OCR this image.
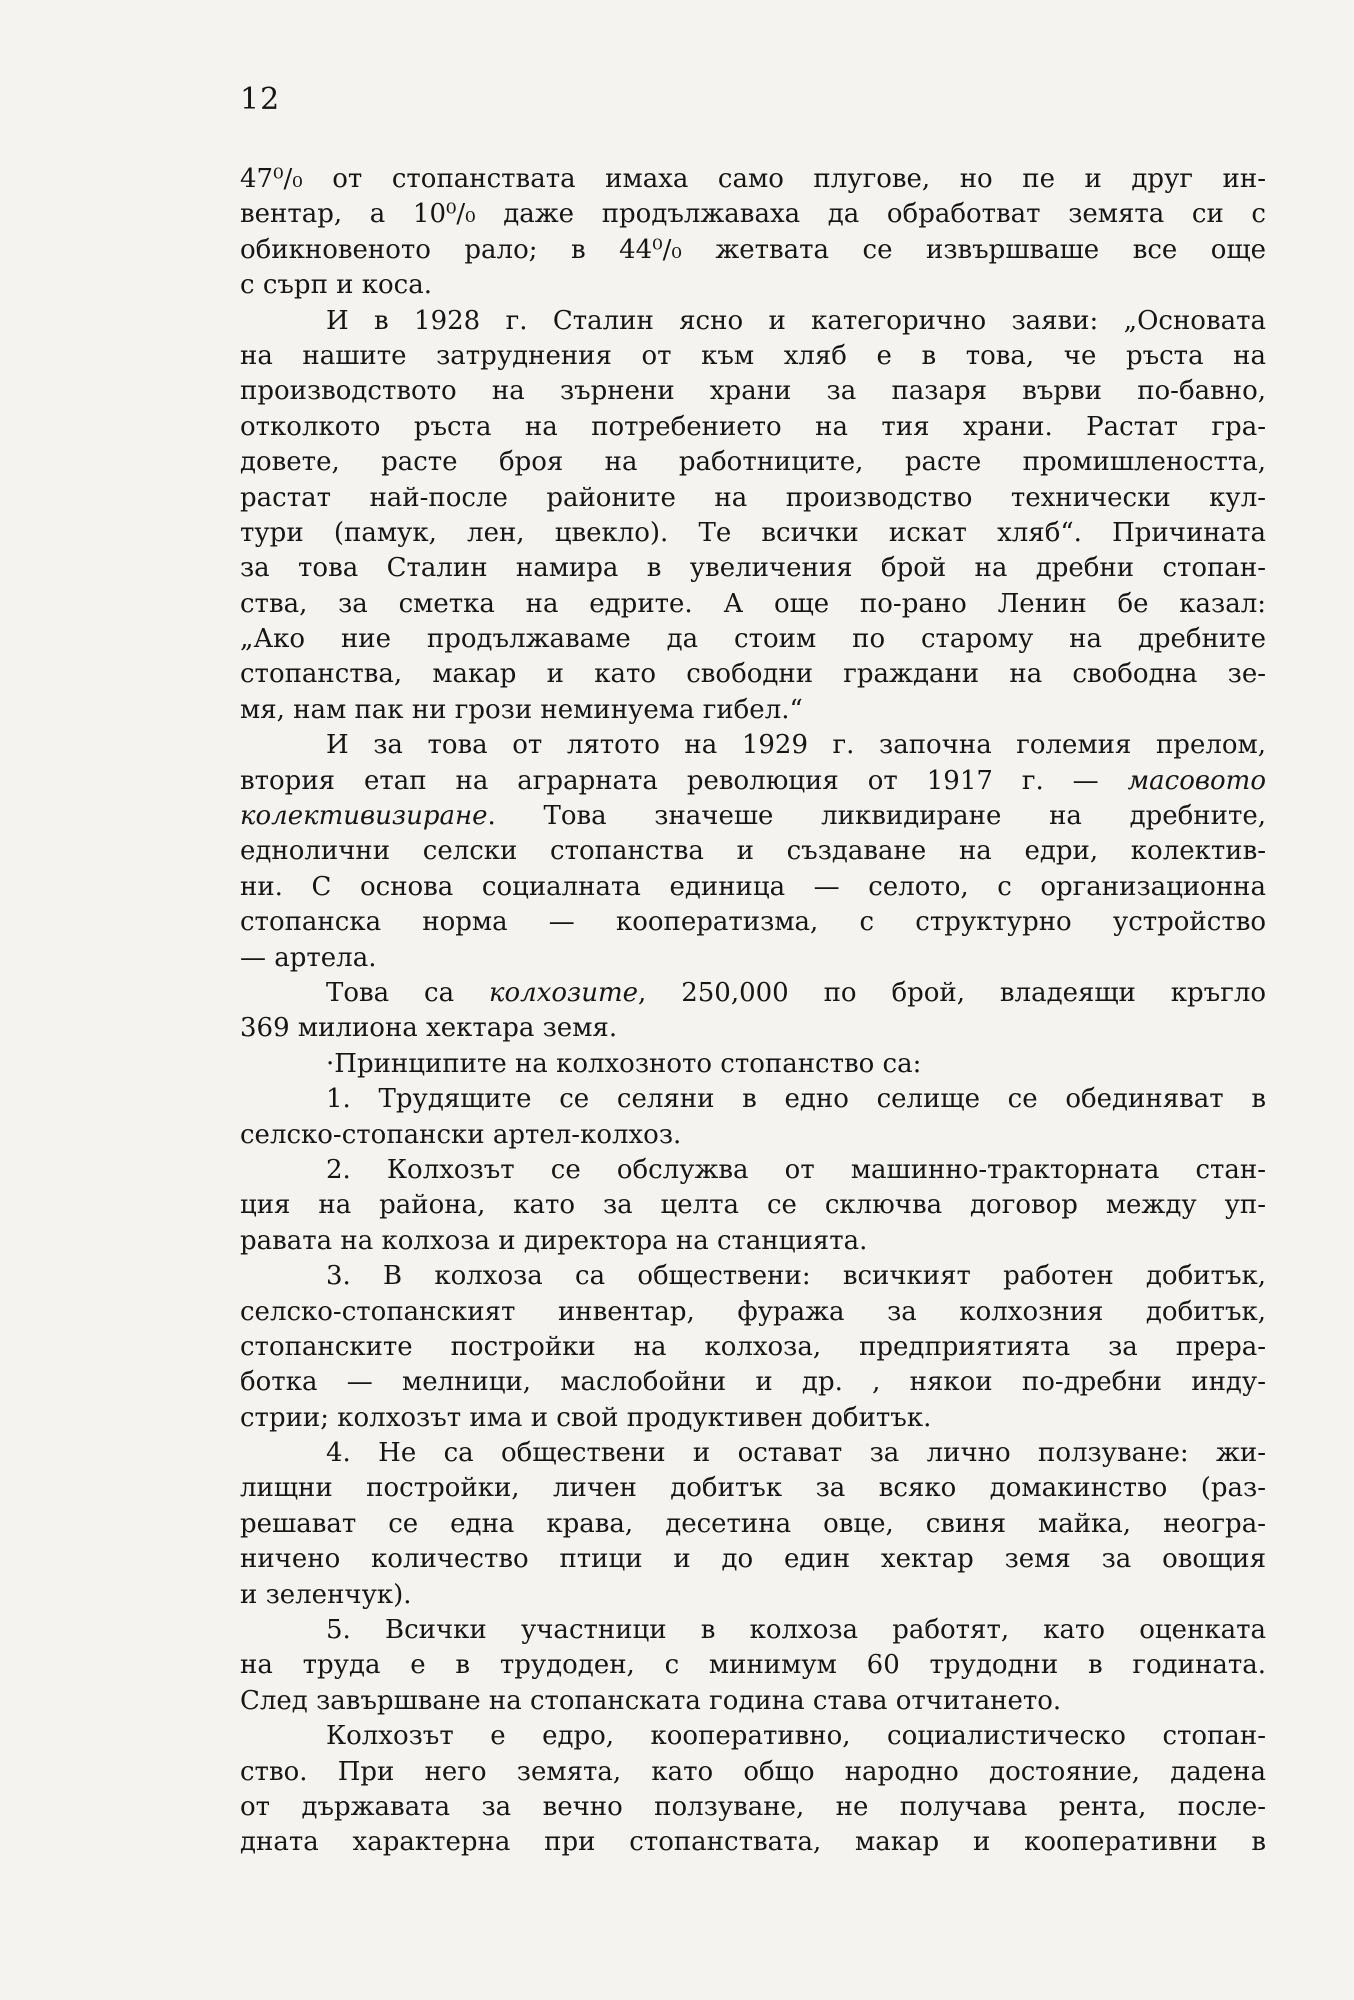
12
47⁰/₀ от стопанствата имаха само плугове, но пе и друг ин-
вентар, а 10⁰/₀ даже продължаваха да обработват земята си с
обикновеното рало; в 44⁰/₀ жетвата се извършваше все още
с сърп и коса.
И в 1928 г. Сталин ясно и категорично заяви: „Основата
на нашите затруднения от към хляб е в това, че ръста на
производството на зърнени храни за пазаря върви по-бавно,
отколкото ръста на потребението на тия храни. Растат гра-
довете, расте броя на работниците, расте промишлеността,
растат най-после районите на производство технически кул-
тури (памук, лен, цвекло). Те всички искат хляб“. Причината
за това Сталин намира в увеличения брой на дребни стопан-
ства, за сметка на едрите. А още по-рано Ленин бе казал:
„Ако ние продължаваме да стоим по старому на дребните
стопанства, макар и като свободни граждани на свободна зе-
мя, нам пак ни грози неминуема гибел.“
И за това от лятото на 1929 г. започна големия прелом,
втория етап на аграрната революция от 1917 г. — масовото
колективизиране. Това значеше ликвидиране на дребните,
еднолични селски стопанства и създаване на едри, колектив-
ни. С основа социалната единица — селото, с организационна
стопанска норма — кооператизма, с структурно устройство
— артела.
Това са колхозите, 250,000 по брой, владеящи кръгло
369 милиона хектара земя.
·Принципите на колхозното стопанство са:
1. Трудящите се селяни в едно селище се обединяват в
селско-стопански артел-колхоз.
2. Колхозът се обслужва от машинно-тракторната стан-
ция на района, като за целта се сключва договор между уп-
равата на колхоза и директора на станцията.
3. В колхоза са обществени: всичкият работен добитък,
селско-стопанският инвентар, фуража за колхозния добитък,
стопанските постройки на колхоза, предприятията за прера-
ботка — мелници, маслобойни и др. , някои по-дребни инду-
стрии; колхозът има и свой продуктивен добитък.
4. Не са обществени и остават за лично ползуване: жи-
лищни постройки, личен добитък за всяко домакинство (раз-
решават се една крава, десетина овце, свиня майка, неогра-
ничено количество птици и до един хектар земя за овощия
и зеленчук).
5. Всички участници в колхоза работят, като оценката
на труда е в трудоден, с минимум 60 трудодни в годината.
След завършване на стопанската година става отчитането.
Колхозът е едро, кооперативно, социалистическо стопан-
ство. При него земята, като общо народно достояние, дадена
от държавата за вечно ползуване, не получава рента, после-
дната характерна при стопанствата, макар и кооперативни в
